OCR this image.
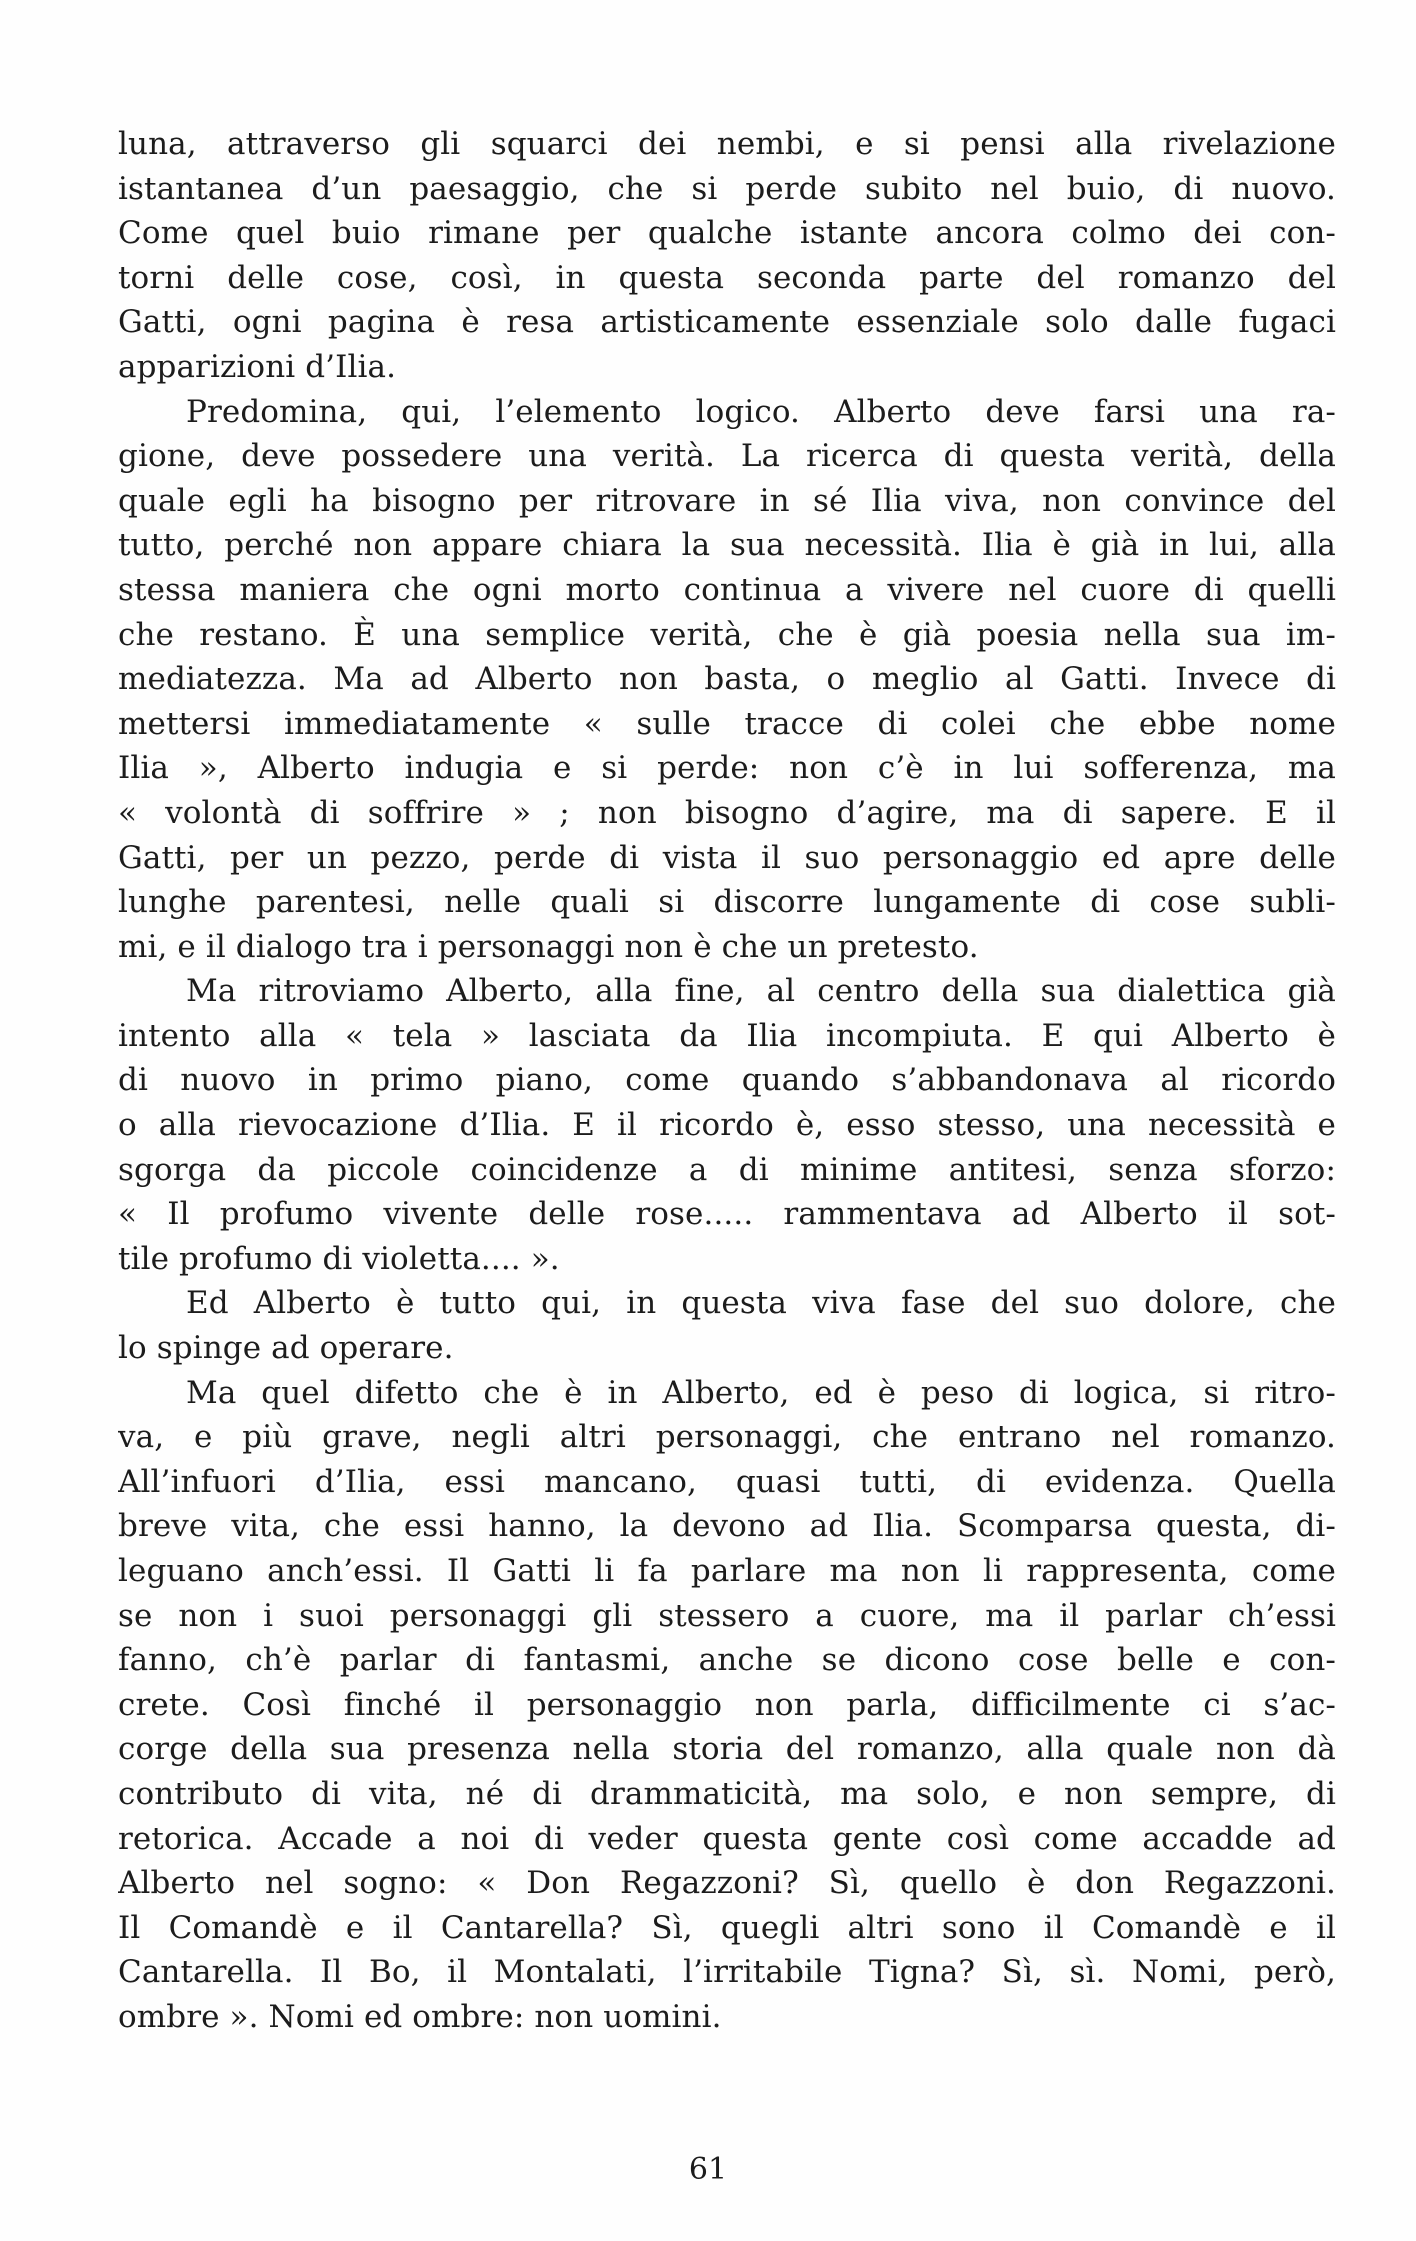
luna, attraverso gli squarci dei nembi, e si pensi alla rivelazione
istantanea d’un paesaggio, che si perde subito nel buio, di nuovo.
Come quel buio rimane per qualche istante ancora colmo dei con-
torni delle cose, così, in questa seconda parte del romanzo del
Gatti, ogni pagina è resa artisticamente essenziale solo dalle fugaci
apparizioni d’Ilia.
Predomina, qui, l’elemento logico. Alberto deve farsi una ra-
gione, deve possedere una verità. La ricerca di questa verità, della
quale egli ha bisogno per ritrovare in sé Ilia viva, non convince del
tutto, perché non appare chiara la sua necessità. Ilia è già in lui, alla
stessa maniera che ogni morto continua a vivere nel cuore di quelli
che restano. È una semplice verità, che è già poesia nella sua im-
mediatezza. Ma ad Alberto non basta, o meglio al Gatti. Invece di
mettersi immediatamente « sulle tracce di colei che ebbe nome
Ilia », Alberto indugia e si perde: non c’è in lui sofferenza, ma
« volontà di soffrire » ; non bisogno d’agire, ma di sapere. E il
Gatti, per un pezzo, perde di vista il suo personaggio ed apre delle
lunghe parentesi, nelle quali si discorre lungamente di cose subli-
mi, e il dialogo tra i personaggi non è che un pretesto.
Ma ritroviamo Alberto, alla fine, al centro della sua dialettica già
intento alla « tela » lasciata da Ilia incompiuta. E qui Alberto è
di nuovo in primo piano, come quando s’abbandonava al ricordo
o alla rievocazione d’Ilia. E il ricordo è, esso stesso, una necessità e
sgorga da piccole coincidenze a di minime antitesi, senza sforzo:
« Il profumo vivente delle rose..... rammentava ad Alberto il sot-
tile profumo di violetta.... ».
Ed Alberto è tutto qui, in questa viva fase del suo dolore, che
lo spinge ad operare.
Ma quel difetto che è in Alberto, ed è peso di logica, si ritro-
va, e più grave, negli altri personaggi, che entrano nel romanzo.
All’infuori d’Ilia, essi mancano, quasi tutti, di evidenza. Quella
breve vita, che essi hanno, la devono ad Ilia. Scomparsa questa, di-
leguano anch’essi. Il Gatti li fa parlare ma non li rappresenta, come
se non i suoi personaggi gli stessero a cuore, ma il parlar ch’essi
fanno, ch’è parlar di fantasmi, anche se dicono cose belle e con-
crete. Così finché il personaggio non parla, difficilmente ci s’ac-
corge della sua presenza nella storia del romanzo, alla quale non dà
contributo di vita, né di drammaticità, ma solo, e non sempre, di
retorica. Accade a noi di veder questa gente così come accadde ad
Alberto nel sogno: « Don Regazzoni? Sì, quello è don Regazzoni.
Il Comandè e il Cantarella? Sì, quegli altri sono il Comandè e il
Cantarella. Il Bo, il Montalati, l’irritabile Tigna? Sì, sì. Nomi, però,
ombre ». Nomi ed ombre: non uomini.
61
